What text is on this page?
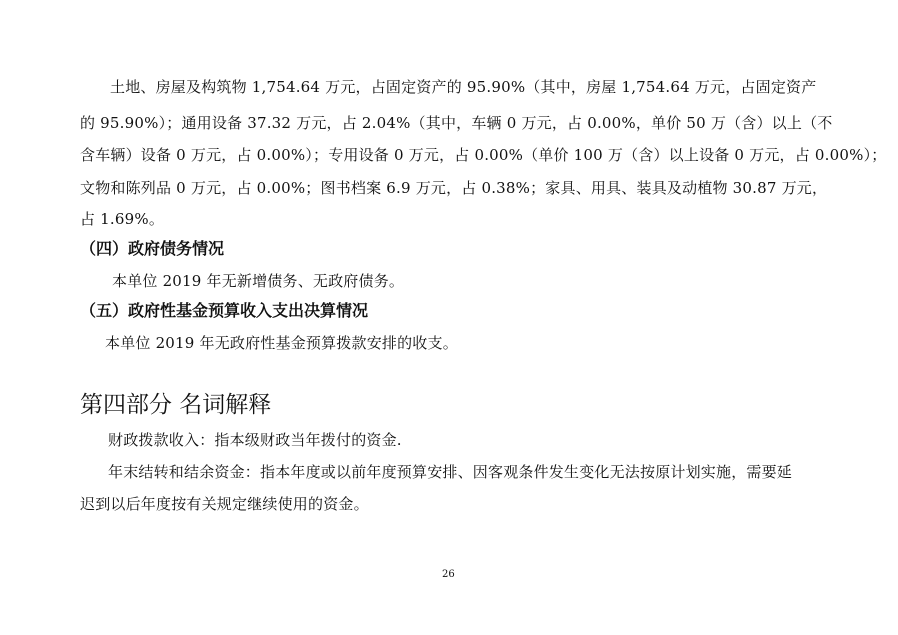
土地、房屋及构筑物 1,754.64 万元，占固定资产的 95.90%（其中，房屋 1,754.64 万元，占固定资产
的 95.90%）；通用设备 37.32 万元，占 2.04%（其中，车辆 0 万元，占 0.00%，单价 50 万（含）以上（不
含车辆）设备 0 万元，占 0.00%）；专用设备 0 万元，占 0.00%（单价 100 万（含）以上设备 0 万元，占 0.00%）；
文物和陈列品 0 万元，占 0.00%；图书档案 6.9 万元，占 0.38%；家具、用具、装具及动植物 30.87 万元，
占 1.69%。
（四）政府债务情况
本单位 2019 年无新增债务、无政府债务。
（五）政府性基金预算收入支出决算情况
本单位 2019 年无政府性基金预算拨款安排的收支。
第四部分 名词解释
财政拨款收入：指本级财政当年拨付的资金.
年末结转和结余资金：指本年度或以前年度预算安排、因客观条件发生变化无法按原计划实施，需要延
迟到以后年度按有关规定继续使用的资金。
26
